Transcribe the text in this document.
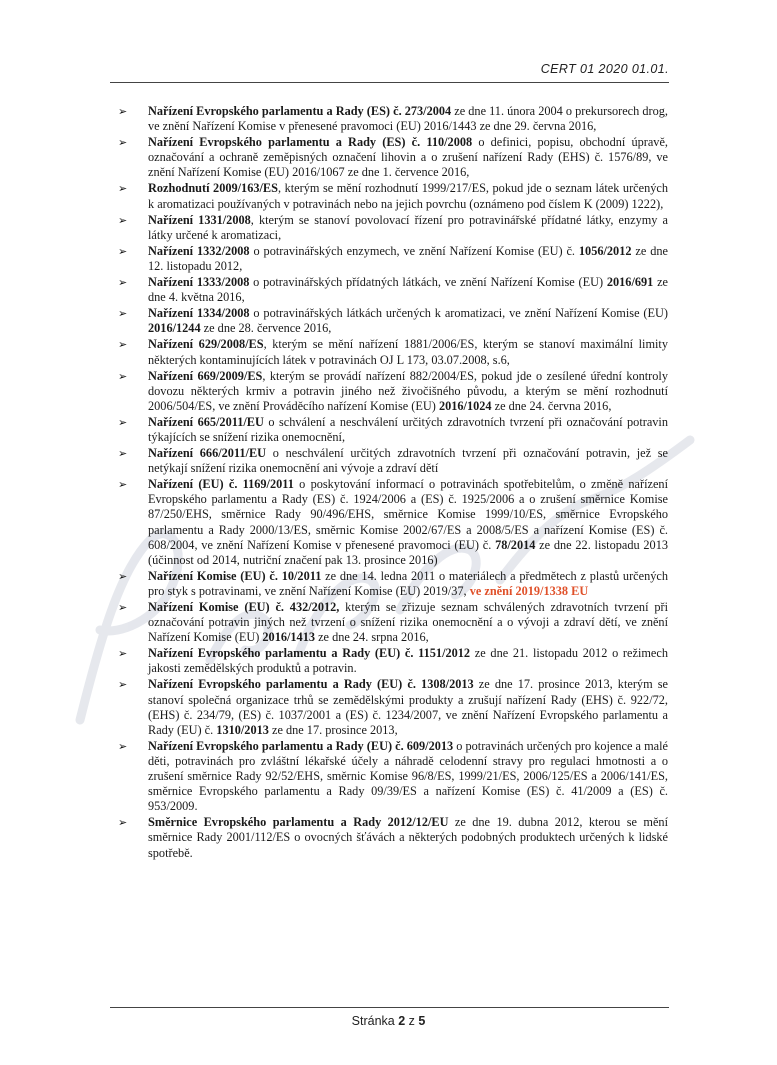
CERT 01 2020 01.01.
➢ Nařízení Evropského parlamentu a Rady (ES) č. 273/2004 ze dne 11. února 2004 o prekursorech drog, ve znění Nařízení Komise v přenesené pravomoci (EU) 2016/1443 ze dne 29. června 2016,
➢ Nařízení Evropského parlamentu a Rady (ES) č. 110/2008 o definici, popisu, obchodní úpravě, označování a ochraně zeměpisných označení lihovin a o zrušení nařízení Rady (EHS) č. 1576/89, ve znění Nařízení Komise (EU) 2016/1067 ze dne 1. července 2016,
➢ Rozhodnutí 2009/163/ES, kterým se mění rozhodnutí 1999/217/ES, pokud jde o seznam látek určených k aromatizaci používaných v potravinách nebo na jejich povrchu (oznámeno pod číslem K (2009) 1222),
➢ Nařízení 1331/2008, kterým se stanoví povolovací řízení pro potravinářské přídatné látky, enzymy a látky určené k aromatizaci,
➢ Nařízení 1332/2008 o potravinářských enzymech, ve znění Nařízení Komise (EU) č. 1056/2012 ze dne 12. listopadu 2012,
➢ Nařízení 1333/2008 o potravinářských přídatných látkách, ve znění Nařízení Komise (EU) 2016/691 ze dne 4. května 2016,
➢ Nařízení 1334/2008 o potravinářských látkách určených k aromatizaci, ve znění Nařízení Komise (EU) 2016/1244 ze dne 28. července 2016,
➢ Nařízení 629/2008/ES, kterým se mění nařízení 1881/2006/ES, kterým se stanoví maximální limity některých kontaminujících látek v potravinách OJ L 173, 03.07.2008, s.6,
➢ Nařízení 669/2009/ES, kterým se provádí nařízení 882/2004/ES, pokud jde o zesílené úřední kontroly dovozu některých krmiv a potravin jiného než živočišného původu, a kterým se mění rozhodnutí 2006/504/ES, ve znění Prováděcího nařízení Komise (EU) 2016/1024 ze dne 24. června 2016,
➢ Nařízení 665/2011/EU o schválení a neschválení určitých zdravotních tvrzení při označování potravin týkajících se snížení rizika onemocnění,
➢ Nařízení 666/2011/EU o neschválení určitých zdravotních tvrzení při označování potravin, jež se netýkají snížení rizika onemocnění ani vývoje a zdraví dětí
➢ Nařízení (EU) č. 1169/2011 o poskytování informací o potravinách spotřebitelům, o změně nařízení Evropského parlamentu a Rady (ES) č. 1924/2006 a (ES) č. 1925/2006 a o zrušení směrnice Komise 87/250/EHS, směrnice Rady 90/496/EHS, směrnice Komise 1999/10/ES, směrnice Evropského parlamentu a Rady 2000/13/ES, směrnic Komise 2002/67/ES a 2008/5/ES a nařízení Komise (ES) č. 608/2004, ve znění Nařízení Komise v přenesené pravomoci (EU) č. 78/2014 ze dne 22. listopadu 2013 (účinnost od 2014, nutriční značení pak 13. prosince 2016)
➢ Nařízení Komise (EU) č. 10/2011 ze dne 14. ledna 2011 o materiálech a předmětech z plastů určených pro styk s potravinami, ve znění Nařízení Komise (EU) 2019/37, ve znění 2019/1338 EU
➢ Nařízení Komise (EU) č. 432/2012, kterým se zřizuje seznam schválených zdravotních tvrzení při označování potravin jiných než tvrzení o snížení rizika onemocnění a o vývoji a zdraví dětí, ve znění Nařízení Komise (EU) 2016/1413 ze dne 24. srpna 2016,
➢ Nařízení Evropského parlamentu a Rady (EU) č. 1151/2012 ze dne 21. listopadu 2012 o režimech jakosti zemědělských produktů a potravin.
➢ Nařízení Evropského parlamentu a Rady (EU) č. 1308/2013 ze dne 17. prosince 2013, kterým se stanoví společná organizace trhů se zemědělskými produkty a zrušují nařízení Rady (EHS) č. 922/72, (EHS) č. 234/79, (ES) č. 1037/2001 a (ES) č. 1234/2007, ve znění Nařízení Evropského parlamentu a Rady (EU) č. 1310/2013 ze dne 17. prosince 2013,
➢ Nařízení Evropského parlamentu a Rady (EU) č. 609/2013 o potravinách určených pro kojence a malé děti, potravinách pro zvláštní lékařské účely a náhradě celodenní stravy pro regulaci hmotnosti a o zrušení směrnice Rady 92/52/EHS, směrnic Komise 96/8/ES, 1999/21/ES, 2006/125/ES a 2006/141/ES, směrnice Evropského parlamentu a Rady 09/39/ES a nařízení Komise (ES) č. 41/2009 a (ES) č. 953/2009.
➢ Směrnice Evropského parlamentu a Rady 2012/12/EU ze dne 19. dubna 2012, kterou se mění směrnice Rady 2001/112/ES o ovocných šťávách a některých podobných produktech určených k lidské spotřebě.
Stránka 2 z 5
